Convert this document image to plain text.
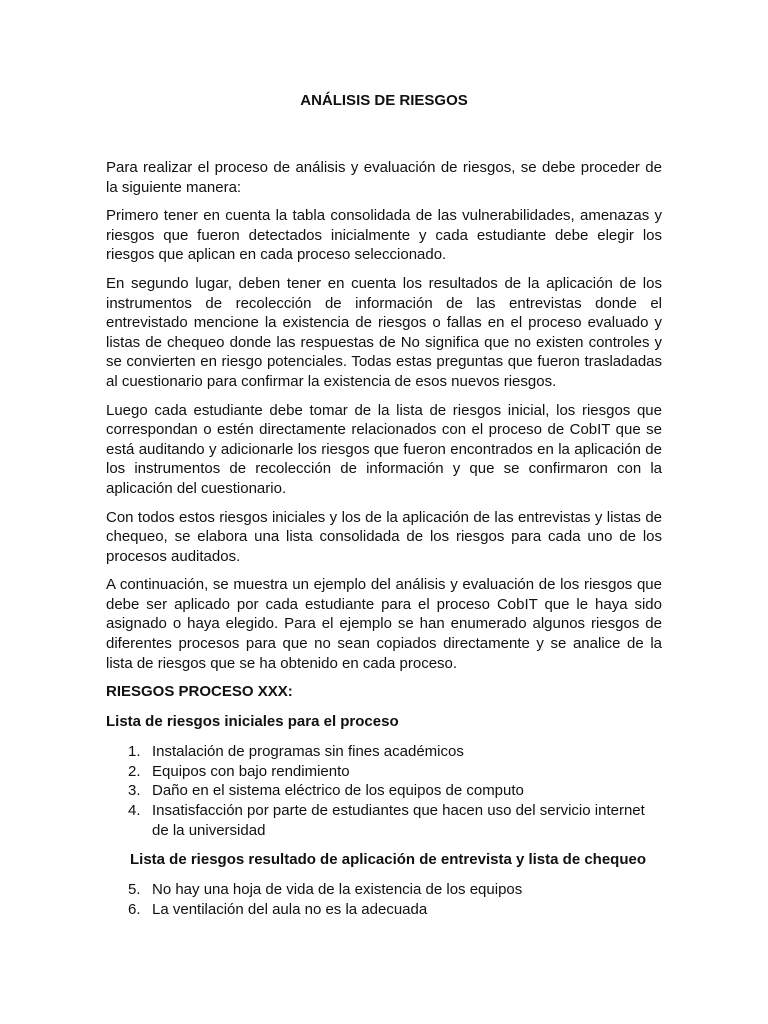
ANÁLISIS DE RIESGOS

Para realizar el proceso de análisis y evaluación de riesgos, se debe proceder de la siguiente manera:

Primero tener en cuenta la tabla consolidada de las vulnerabilidades, amenazas y riesgos que fueron detectados inicialmente y cada estudiante debe elegir los riesgos que aplican en cada proceso seleccionado.

En segundo lugar, deben tener en cuenta los resultados de la aplicación de los instrumentos de recolección de información de las entrevistas donde el entrevistado mencione la existencia de riesgos o fallas en el proceso evaluado y listas de chequeo donde las respuestas de No significa que no existen controles y se convierten en riesgo potenciales. Todas estas preguntas que fueron trasladadas al cuestionario para confirmar la existencia de esos nuevos riesgos.

Luego cada estudiante debe tomar de la lista de riesgos inicial, los riesgos que correspondan o estén directamente relacionados con el proceso de CobIT que se está auditando y adicionarle los riesgos que fueron encontrados en la aplicación de los instrumentos de recolección de información y que se confirmaron con la aplicación del cuestionario.

Con todos estos riesgos iniciales y los de la aplicación de las entrevistas y listas de chequeo, se elabora una lista consolidada de los riesgos para cada uno de los procesos auditados.

A continuación, se muestra un ejemplo del análisis y evaluación de los riesgos que debe ser aplicado por cada estudiante para el proceso CobIT que le haya sido asignado o haya elegido. Para el ejemplo se han enumerado algunos riesgos de diferentes procesos para que no sean copiados directamente y se analice de la lista de riesgos que se ha obtenido en cada proceso.

RIESGOS PROCESO XXX:
Lista de riesgos iniciales para el proceso
1. Instalación de programas sin fines académicos
2. Equipos con bajo rendimiento
3. Daño en el sistema eléctrico de los equipos de computo
4. Insatisfacción por parte de estudiantes que hacen uso del servicio internet de la universidad
Lista de riesgos resultado de aplicación de entrevista y lista de chequeo
5. No hay una hoja de vida de la existencia de los equipos
6. La ventilación del aula no es la adecuada
